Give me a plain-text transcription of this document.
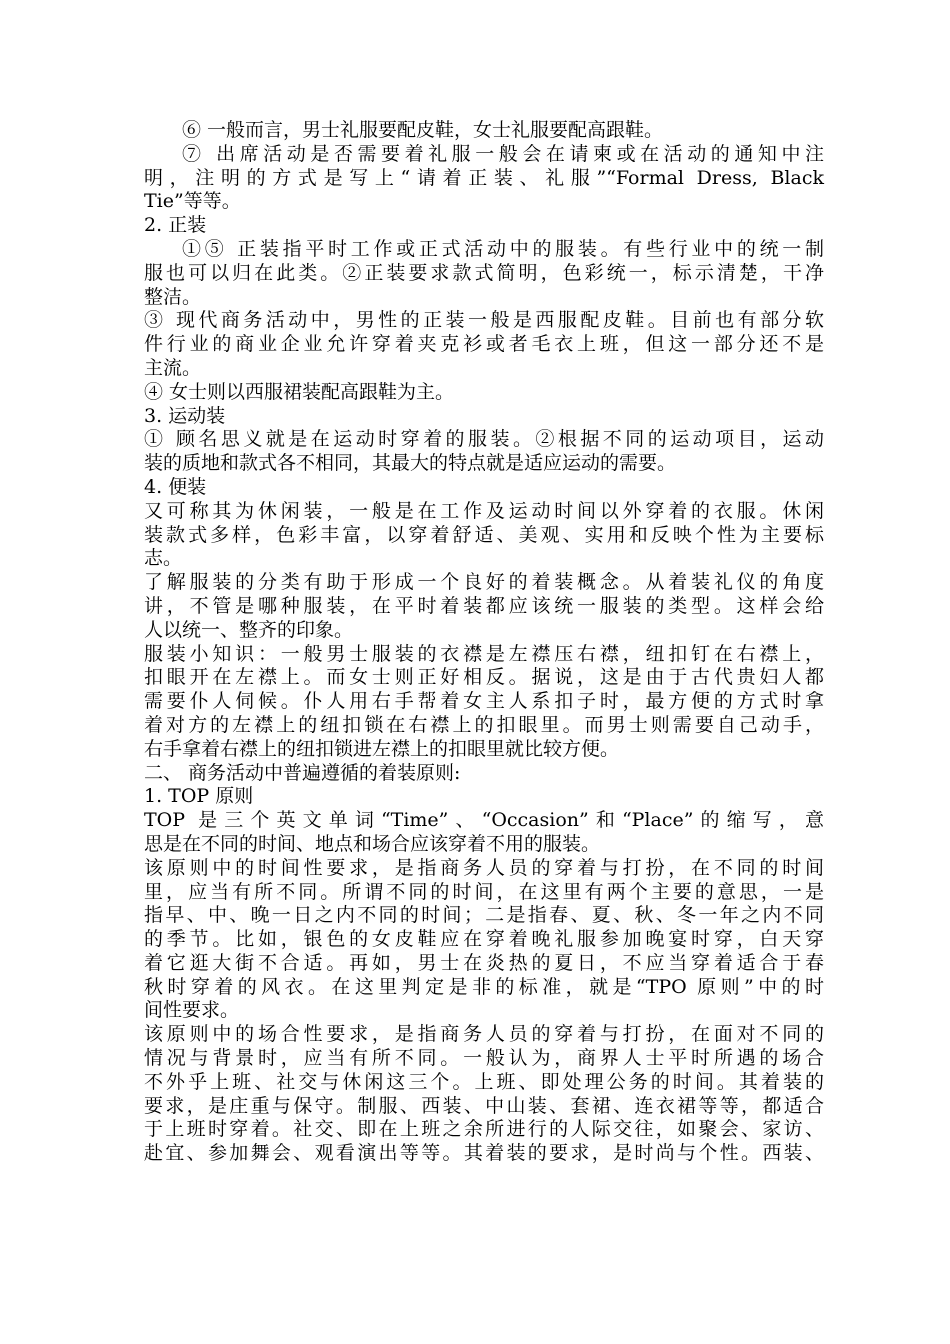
⑥ 一般而言，男士礼服要配皮鞋，女士礼服要配高跟鞋。
⑦ 出席活动是否需要着礼服一般会在请柬或在活动的通知中注
明，注明的方式是写上“请着正装、礼服”“Formal Dress, Black
Tie”等等。
2. 正装
①⑤ 正装指平时工作或正式活动中的服装。有些行业中的统一制
服也可以归在此类。②正装要求款式简明，色彩统一，标示清楚，干净
整洁。
③ 现代商务活动中，男性的正装一般是西服配皮鞋。目前也有部分软
件行业的商业企业允许穿着夹克衫或者毛衣上班，但这一部分还不是
主流。
④ 女士则以西服裙装配高跟鞋为主。
3. 运动装
① 顾名思义就是在运动时穿着的服装。②根据不同的运动项目，运动
装的质地和款式各不相同，其最大的特点就是适应运动的需要。
4. 便装
又可称其为休闲装，一般是在工作及运动时间以外穿着的衣服。休闲
装款式多样，色彩丰富，以穿着舒适、美观、实用和反映个性为主要标
志。
了解服装的分类有助于形成一个良好的着装概念。从着装礼仪的角度
讲，不管是哪种服装，在平时着装都应该统一服装的类型。这样会给
人以统一、整齐的印象。
服装小知识：一般男士服装的衣襟是左襟压右襟，纽扣钉在右襟上，
扣眼开在左襟上。而女士则正好相反。据说，这是由于古代贵妇人都
需要仆人伺候。仆人用右手帮着女主人系扣子时，最方便的方式时拿
着对方的左襟上的纽扣锁在右襟上的扣眼里。而男士则需要自己动手，
右手拿着右襟上的纽扣锁进左襟上的扣眼里就比较方便。
二、 商务活动中普遍遵循的着装原则:
1. TOP 原则
TOP 是三个英文单词“Time”、“Occasion”和“Place”的缩写，意
思是在不同的时间、地点和场合应该穿着不用的服装。
该原则中的时间性要求，是指商务人员的穿着与打扮，在不同的时间
里，应当有所不同。所谓不同的时间，在这里有两个主要的意思，一是
指早、中、晚一日之内不同的时间；二是指春、夏、秋、冬一年之内不同
的季节。比如，银色的女皮鞋应在穿着晚礼服参加晚宴时穿，白天穿
着它逛大街不合适。再如，男士在炎热的夏日，不应当穿着适合于春
秋时穿着的风衣。在这里判定是非的标准，就是“TPO 原则”中的时
间性要求。
该原则中的场合性要求，是指商务人员的穿着与打扮，在面对不同的
情况与背景时，应当有所不同。一般认为，商界人士平时所遇的场合
不外乎上班、社交与休闲这三个。上班、即处理公务的时间。其着装的
要求，是庄重与保守。制服、西装、中山装、套裙、连衣裙等等，都适合
于上班时穿着。社交、即在上班之余所进行的人际交往，如聚会、家访、
赴宜、参加舞会、观看演出等等。其着装的要求，是时尚与个性。西装、
